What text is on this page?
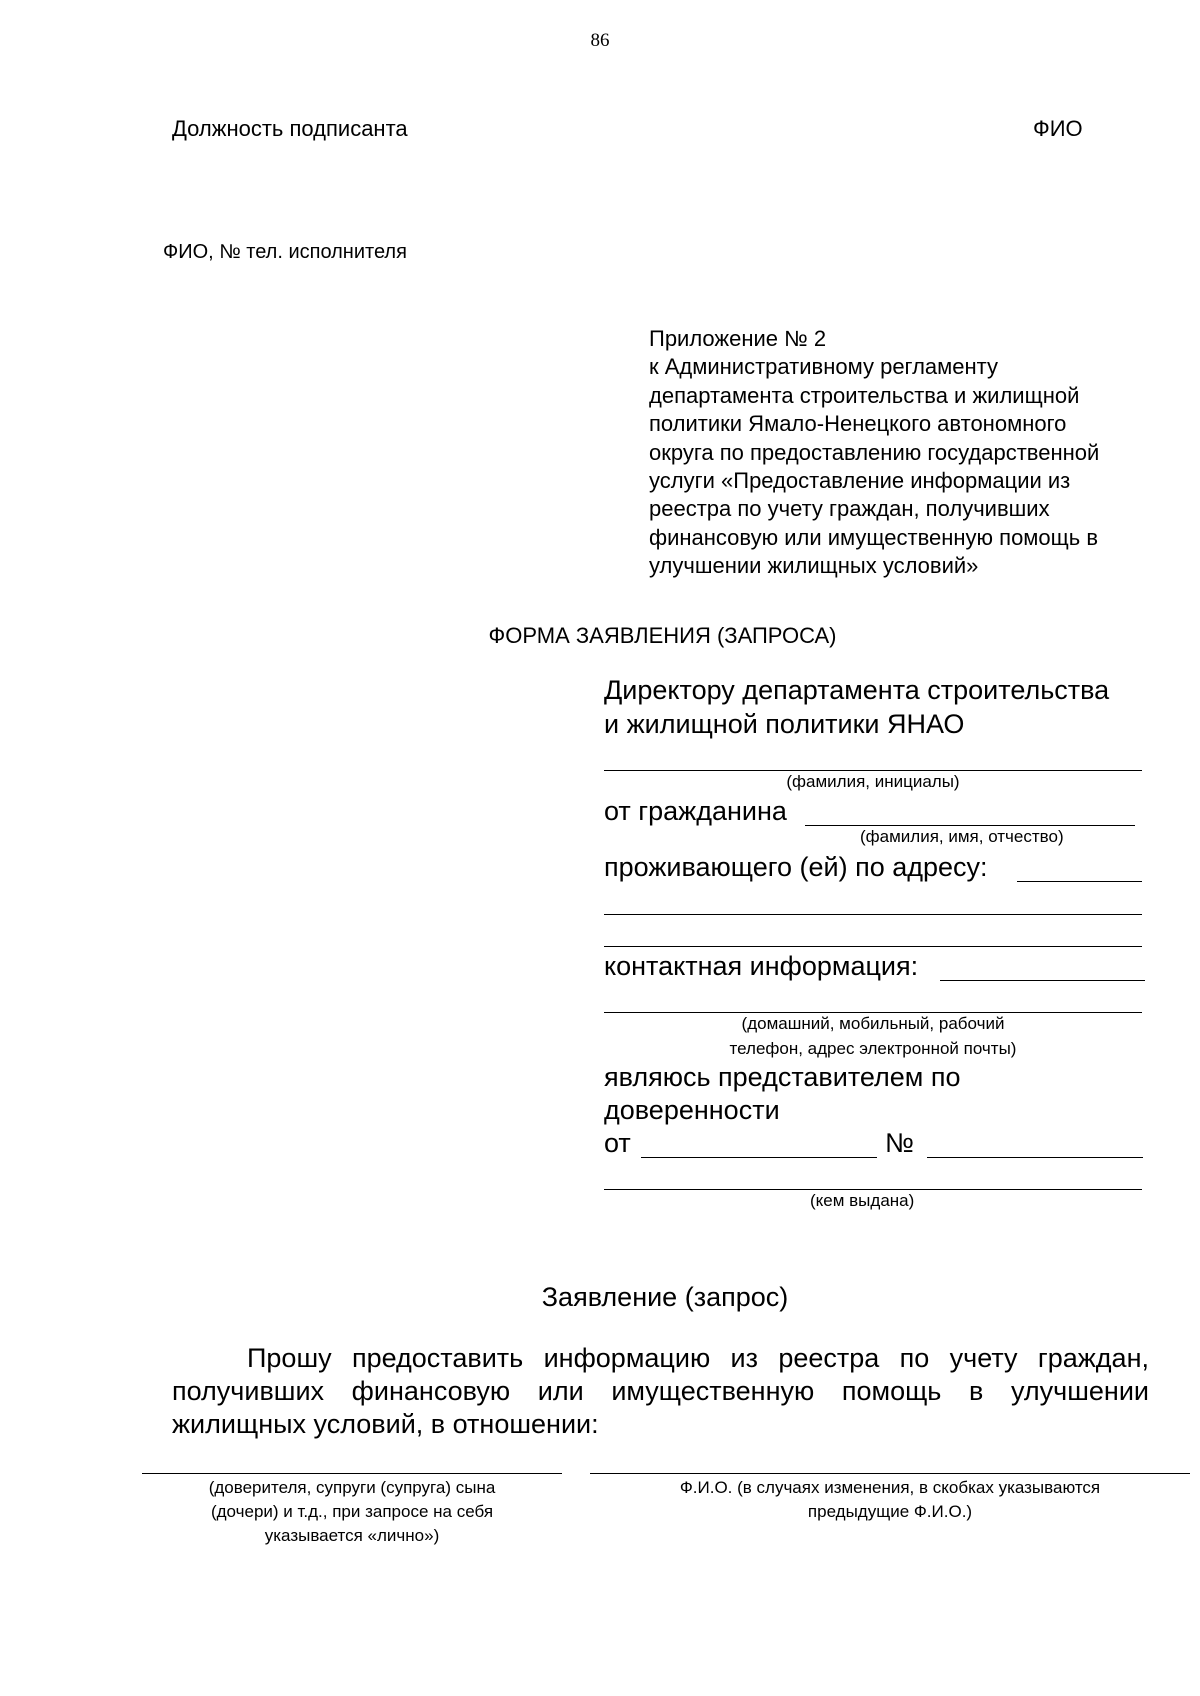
86
Должность подписанта	ФИО
ФИО, № тел. исполнителя
Приложение № 2
к Административному регламенту
департамента строительства и жилищной
политики Ямало-Ненецкого автономного
округа по предоставлению государственной
услуги «Предоставление информации из
реестра по учету граждан, получивших
финансовую или имущественную помощь в
улучшении жилищных условий»
ФОРМА ЗАЯВЛЕНИЯ (ЗАПРОСА)
Директору департамента строительства
и жилищной политики ЯНАО
(фамилия, инициалы)
от гражданина
(фамилия, имя, отчество)
проживающего (ей) по адресу:
контактная информация:
(домашний, мобильный, рабочий
телефон, адрес электронной почты)
являюсь представителем по
доверенности
от	№
(кем выдана)
Заявление (запрос)
Прошу предоставить информацию из реестра по учету граждан,
получивших финансовую или имущественную помощь в улучшении
жилищных условий, в отношении:
(доверителя, супруги (супруга) сына
(дочери) и т.д., при запросе на себя
указывается «лично»)
Ф.И.О. (в случаях изменения, в скобках указываются
предыдущие Ф.И.О.)
